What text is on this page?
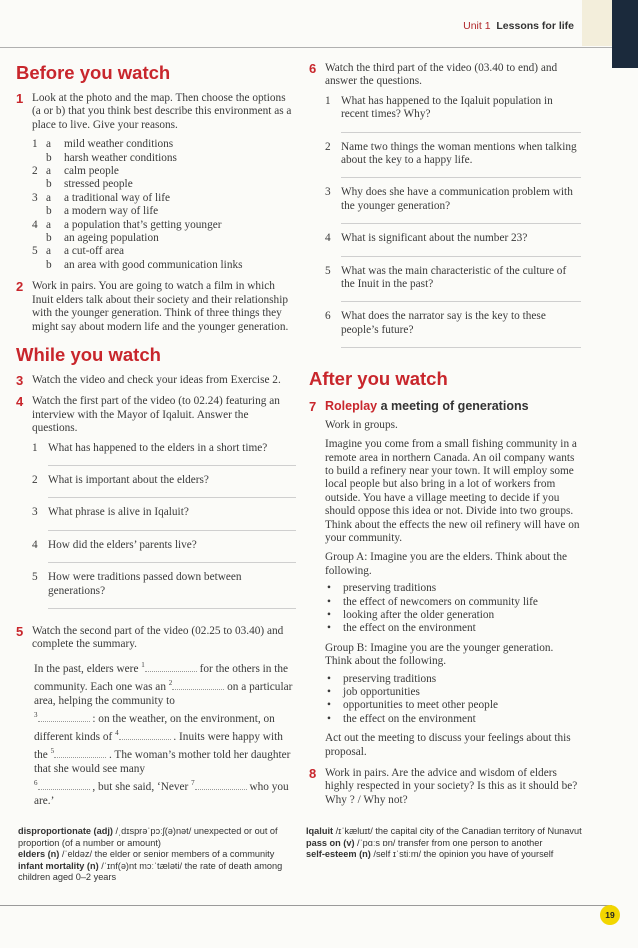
Unit 1 Lessons for life
Before you watch
1 Look at the photo and the map. Then choose the options (a or b) that you think best describe this environment as a place to live. Give your reasons.
1 a	mild weather conditions
b	harsh weather conditions
2 a	calm people
b	stressed people
3 a	a traditional way of life
b	a modern way of life
4 a	a population that’s getting younger
b	an ageing population
5 a	a cut-off area
b	an area with good communication links
2 Work in pairs. You are going to watch a film in which Inuit elders talk about their society and their relationship with the younger generation. Think of three things they might say about modern life and the younger generation.
While you watch
3 Watch the video and check your ideas from Exercise 2.
4 Watch the first part of the video (to 02.24) featuring an interview with the Mayor of Iqaluit. Answer the questions.
1 What has happened to the elders in a short time?
2 What is important about the elders?
3 What phrase is alive in Iqaluit?
4 How did the elders’ parents live?
5 How were traditions passed down between generations?
5 Watch the second part of the video (02.25 to 03.40) and complete the summary.
In the past, elders were $^1$	for the others in the community. Each one was an $^2$	on a particular area, helping the community to
$^3$	: on the weather, on the environment, on different kinds of $^4$	. Inuits were happy with the $^5$	. The woman’s mother told her daughter that she would see many
$^6$	, but she said, ‘Never $^7$	who you are.’
6 Watch the third part of the video (03.40 to end) and answer the questions.
1 What has happened to the Iqaluit population in recent times? Why?
2 Name two things the woman mentions when talking about the key to a happy life.
3 Why does she have a communication problem with the younger generation?
4 What is significant about the number 23?
5 What was the main characteristic of the culture of the Inuit in the past?
6 What does the narrator say is the key to these people’s future?
After you watch
7 Roleplay a meeting of generations
Work in groups.
Imagine you come from a small fishing community in a remote area in northern Canada. An oil company wants to build a refinery near your town. It will employ some local people but also bring in a lot of workers from outside. You have a village meeting to decide if you should oppose this idea or not. Divide into two groups. Think about the effects the new oil refinery will have on your community.
Group A: Imagine you are the elders. Think about the following.
• preserving traditions
• the effect of newcomers on community life
• looking after the older generation
• the effect on the environment
Group B: Imagine you are the younger generation. Think about the following.
• preserving traditions
• job opportunities
• opportunities to meet other people
• the effect on the environment
Act out the meeting to discuss your feelings about this proposal.
8 Work in pairs. Are the advice and wisdom of elders highly respected in your society? Is this as it should be? Why ? / Why not?

disproportionate (adj) /ˌdɪsprəˈpɔːʃ(ə)nət/ unexpected or out of proportion (of a number or amount)

elders (n) /ˈeldəz/ the elder or senior members of a community

infant mortality (n) /ˈɪnf(ə)nt mɔːˈtæləti/ the rate of death among children aged 0–2 years

Iqaluit /ɪˈkæluɪt/ the capital city of the Canadian territory of Nunavut

pass on (v) /ˈpɑːs ɒn/ transfer from one person to another

self-esteem (n) /self ɪˈstiːm/ the opinion you have of yourself

19
